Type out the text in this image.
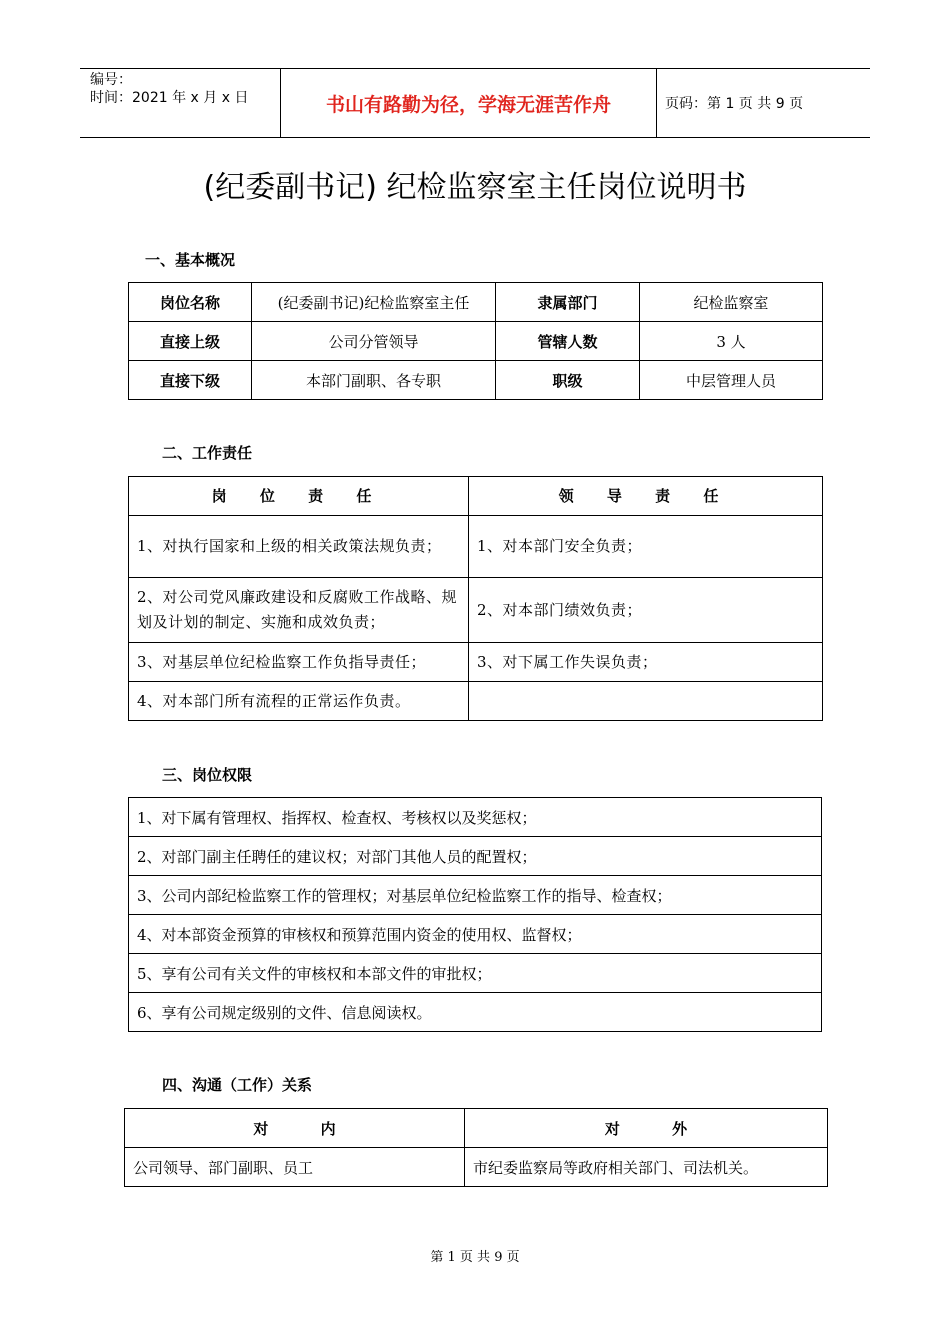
编号：
时间：2021 年 x 月 x 日	书山有路勤为径，学海无涯苦作舟	页码：第 1 页 共 9 页
(纪委副书记) 纪检监察室主任岗位说明书
一、基本概况
岗位名称	(纪委副书记)纪检监察室主任	隶属部门	纪检监察室
直接上级	公司分管领导	管辖人数	3 人
直接下级	本部门副职、各专职	职级	中层管理人员
二、工作责任
岗 位 责 任	领 导 责 任
1、对执行国家和上级的相关政策法规负责；	1、对本部门安全负责；
2、对公司党风廉政建设和反腐败工作战略、规划及计划的制定、实施和成效负责；	2、对本部门绩效负责；
3、对基层单位纪检监察工作负指导责任；	3、对下属工作失误负责；
4、对本部门所有流程的正常运作负责。	
三、岗位权限
1、对下属有管理权、指挥权、检查权、考核权以及奖惩权；
2、对部门副主任聘任的建议权；对部门其他人员的配置权；
3、公司内部纪检监察工作的管理权；对基层单位纪检监察工作的指导、检查权；
4、对本部资金预算的审核权和预算范围内资金的使用权、监督权；
5、享有公司有关文件的审核权和本部文件的审批权；
6、享有公司规定级别的文件、信息阅读权。
四、沟通（工作）关系
对          内	对          外
公司领导、部门副职、员工	市纪委监察局等政府相关部门、司法机关。
第 1 页 共 9 页
